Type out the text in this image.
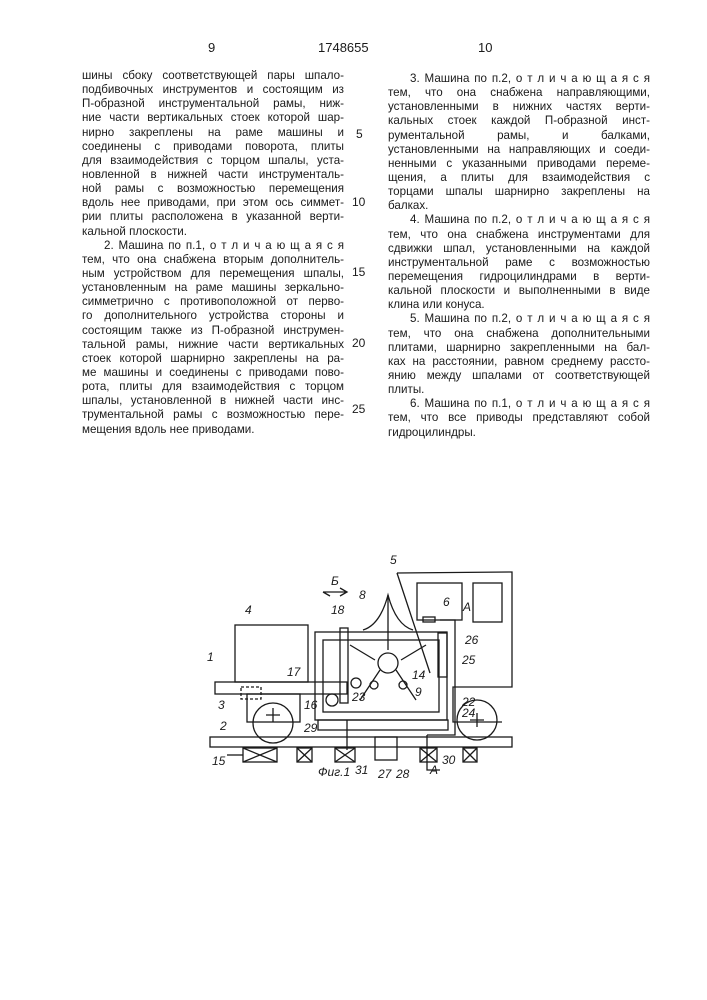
9	1748655	10
шины сбоку соответствующей пары шпало-
подбивочных инструментов и состоящим из
П-образной инструментальной рамы, ниж-
ние части вертикальных стоек которой шар-
нирно закреплены на раме машины и
соединены с приводами поворота, плиты
для взаимодействия с торцом шпалы, уста-
новленной в нижней части инструменталь-
ной рамы с возможностью перемещения
вдоль нее приводами, при этом ось симмет-
рии плиты расположена в указанной верти-
кальной плоскости.
2. Машина по п.1, о т л и ч а ю щ а я с я
тем, что она снабжена вторым дополнитель-
ным устройством для перемещения шпалы,
установленным на раме машины зеркально-
симметрично с противоположной от перво-
го дополнительного устройства стороны и
состоящим также из П-образной инструмен-
тальной рамы, нижние части вертикальных
стоек которой шарнирно закреплены на ра-
ме машины и соединены с приводами пово-
рота, плиты для взаимодействия с торцом
шпалы, установленной в нижней части инс-
трументальной рамы с возможностью пере-
мещения вдоль нее приводами.
3. Машина по п.2, о т л и ч а ю щ а я с я
тем, что она снабжена направляющими,
установленными в нижних частях верти-
кальных стоек каждой П-образной инст-
рументальной рамы, и балками,
установленными на направляющих и соеди-
ненными с указанными приводами переме-
щения, а плиты для взаимодействия с
торцами шпалы шарнирно закреплены на
балках.
4. Машина по п.2, о т л и ч а ю щ а я с я
тем, что она снабжена инструментами для
сдвижки шпал, установленными на каждой
инструментальной раме с возможностью
перемещения гидроцилиндрами в верти-
кальной плоскости и выполненными в виде
клина или конуса.
5. Машина по п.2, о т л и ч а ю щ а я с я
тем, что она снабжена дополнительными
плитами, шарнирно закрепленными на бал-
ках на расстоянии, равном среднему рассто-
янию между шпалами от соответствующей
плиты.
6. Машина по п.1, о т л и ч а ю щ а я с я
тем, что все приводы представляют собой
гидроцилиндры.
5
10
15
20
25
1
2
3
4
5
6
8
9
14
15
16
17
18
22
23
24
25
26
27 28
29
30
31
А
А
Б
Фиг.1
